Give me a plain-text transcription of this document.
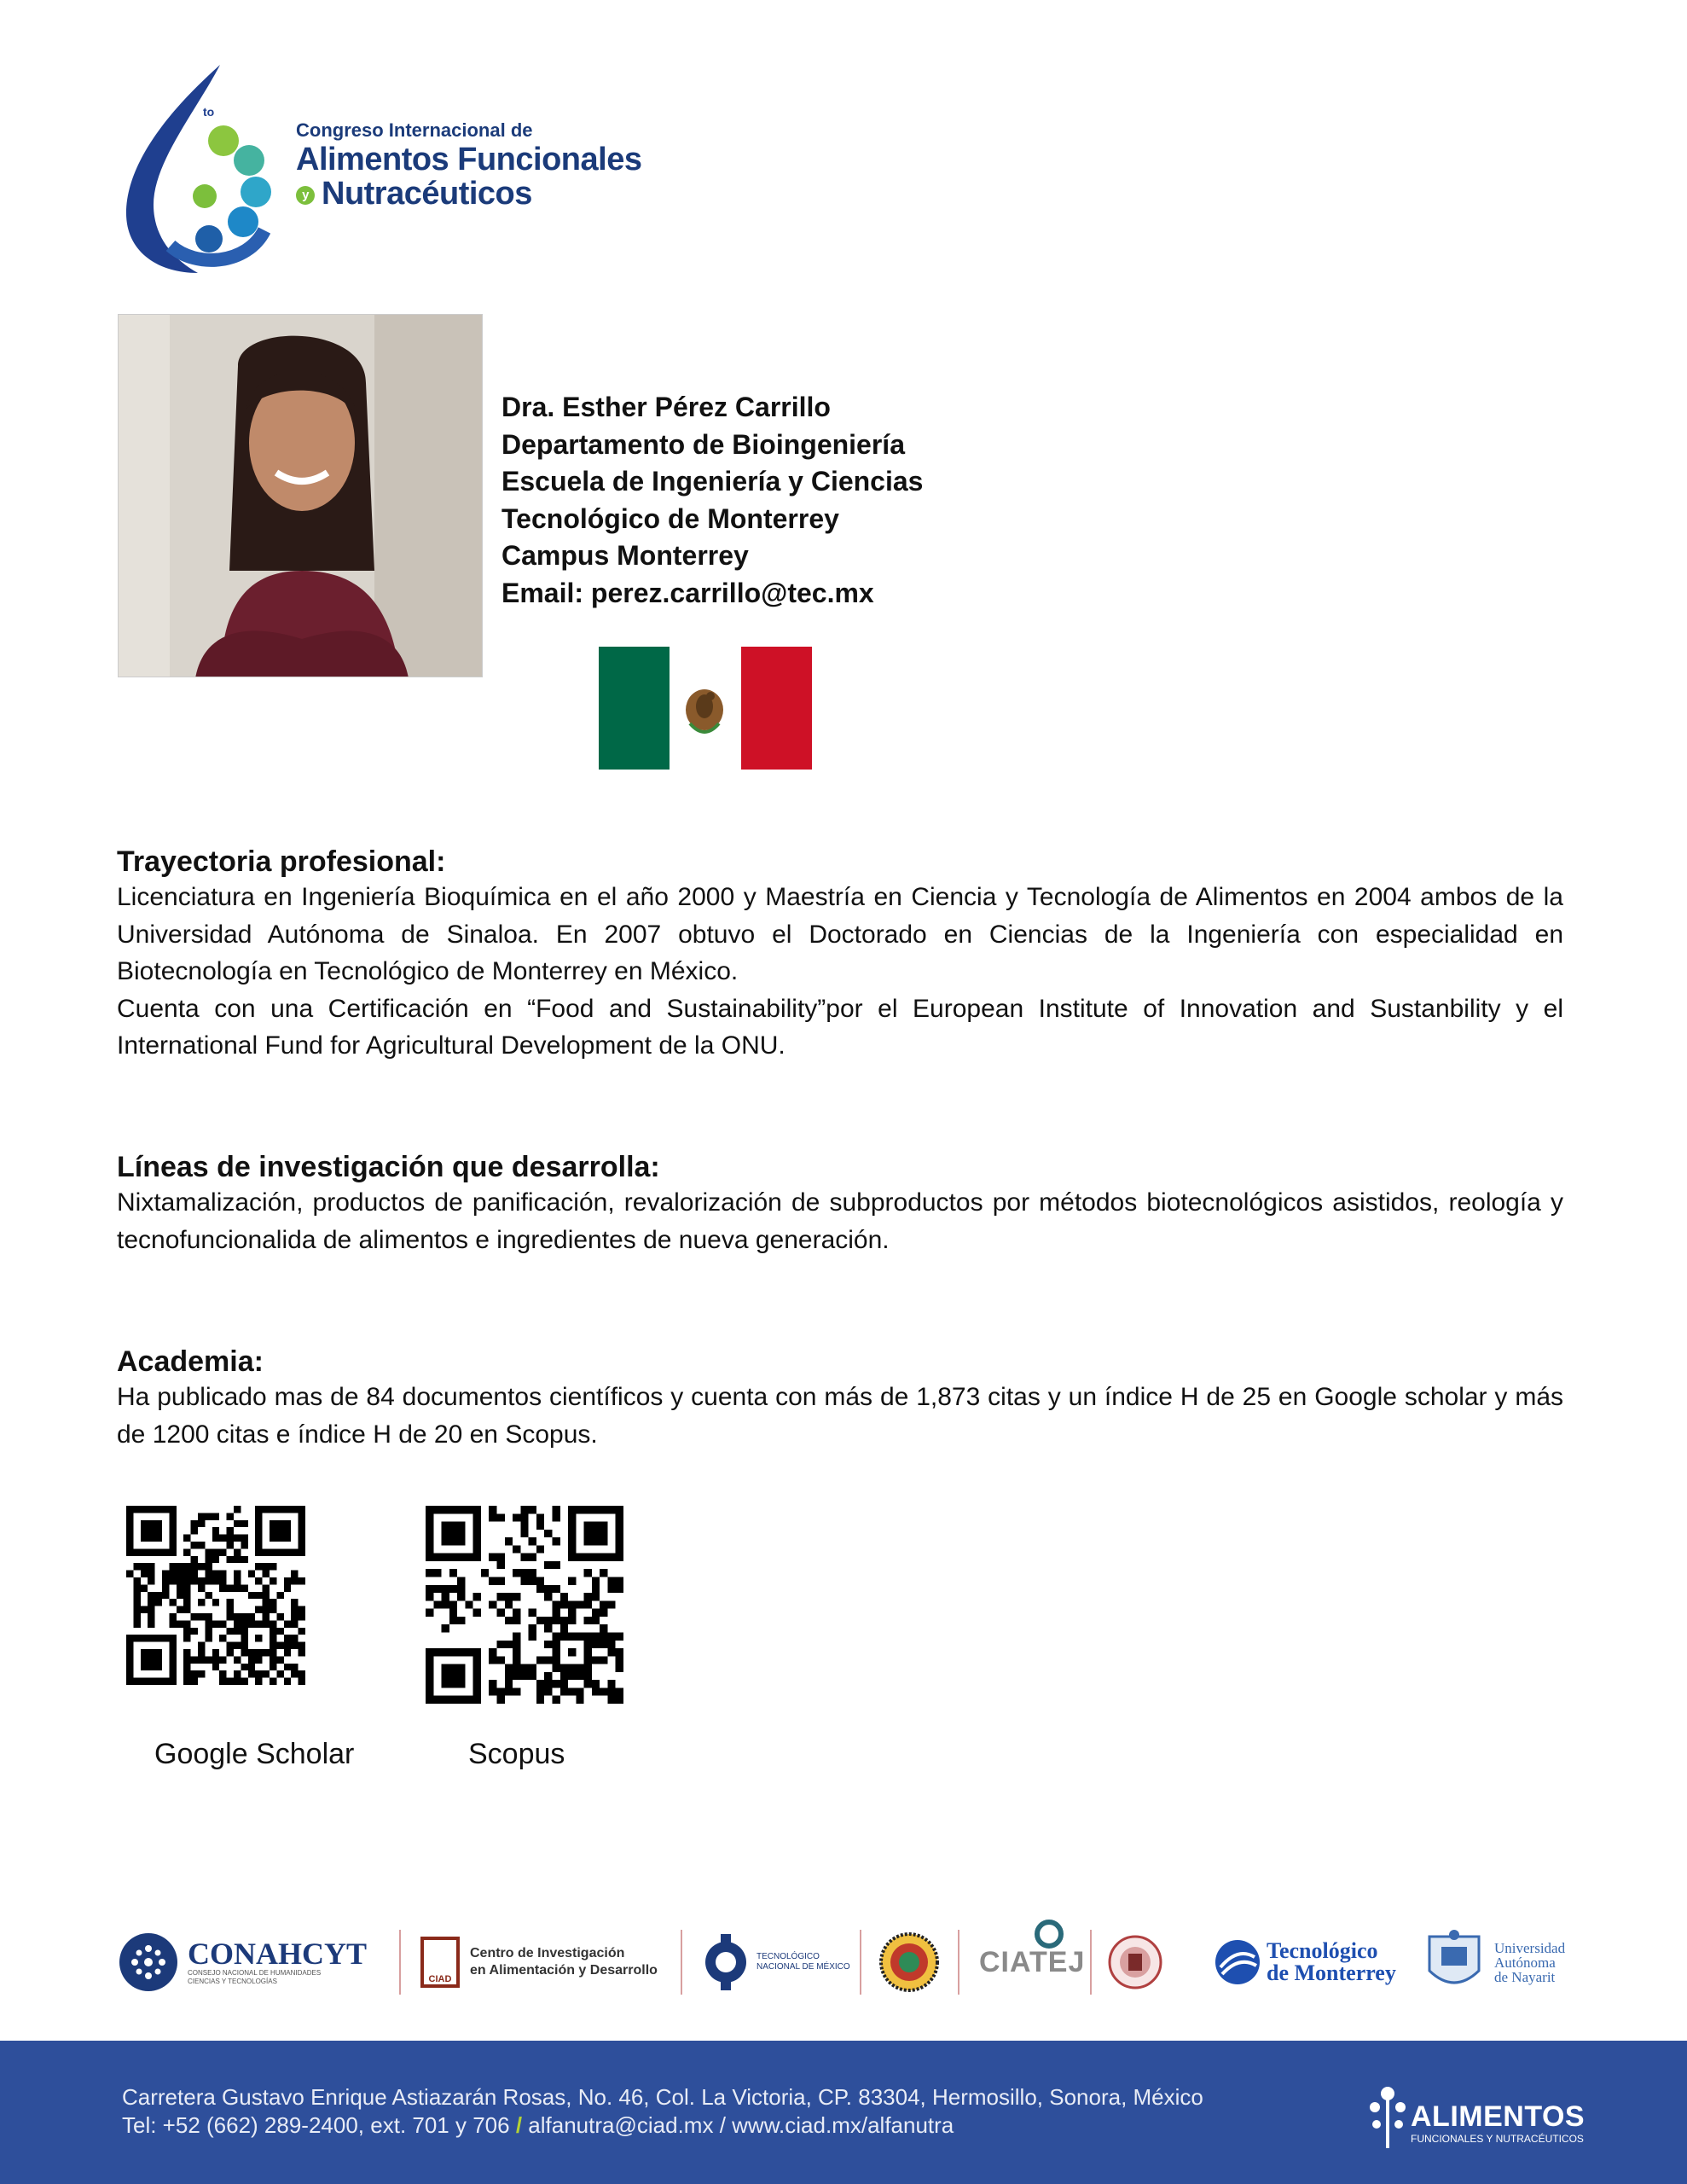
to
Congreso Internacional de
Alimentos Funcionales
y Nutracéuticos
Dra. Esther Pérez Carrillo
Departamento de Bioingeniería
Escuela de Ingeniería y Ciencias
Tecnológico de Monterrey
Campus Monterrey
Email: perez.carrillo@tec.mx
Trayectoria profesional:

Licenciatura en Ingeniería Bioquímica en el año 2000 y Maestría en Ciencia y Tecnología de Alimentos en 2004 ambos de la Universidad Autónoma de Sinaloa. En 2007 obtuvo el Doctorado en Ciencias de la Ingeniería con especialidad en Biotecnología en Tecnológico de Monterrey en México.

Cuenta con una Certificación en “Food and Sustainability”por el European Institute of Innovation and Sustanbility y el International Fund for Agricultural Development de la ONU.

Líneas de investigación que desarrolla:

Nixtamalización, productos de panificación, revalorización de subproductos por métodos biotecnológicos asistidos, reología y tecnofuncionalida de alimentos e ingredientes de nueva generación.

Academia:

Ha publicado mas de 84 documentos científicos y cuenta con más de 1,873 citas y un índice H de 25 en Google scholar y más de 1200 citas e índice H de 20 en Scopus.

Google Scholar	Scopus
CONAHCYT
CONSEJO NACIONAL DE HUMANIDADES
CIENCIAS Y TECNOLOGÍAS	CIAD
Centro de Investigación
en Alimentación y Desarrollo
TECNOLÓGICO
NACIONAL DE MÉXICO	CIATEJ	Tecnológico
de Monterrey
Universidad
Autónoma
de Nayarit
Carretera Gustavo Enrique Astiazarán Rosas, No. 46, Col. La Victoria, CP. 83304, Hermosillo, Sonora, México
Tel: +52 (662) 289-2400, ext. 701 y 706 / alfanutra@ciad.mx / www.ciad.mx/alfanutra	ALIMENTOS
FUNCIONALES Y NUTRACÉUTICOS
